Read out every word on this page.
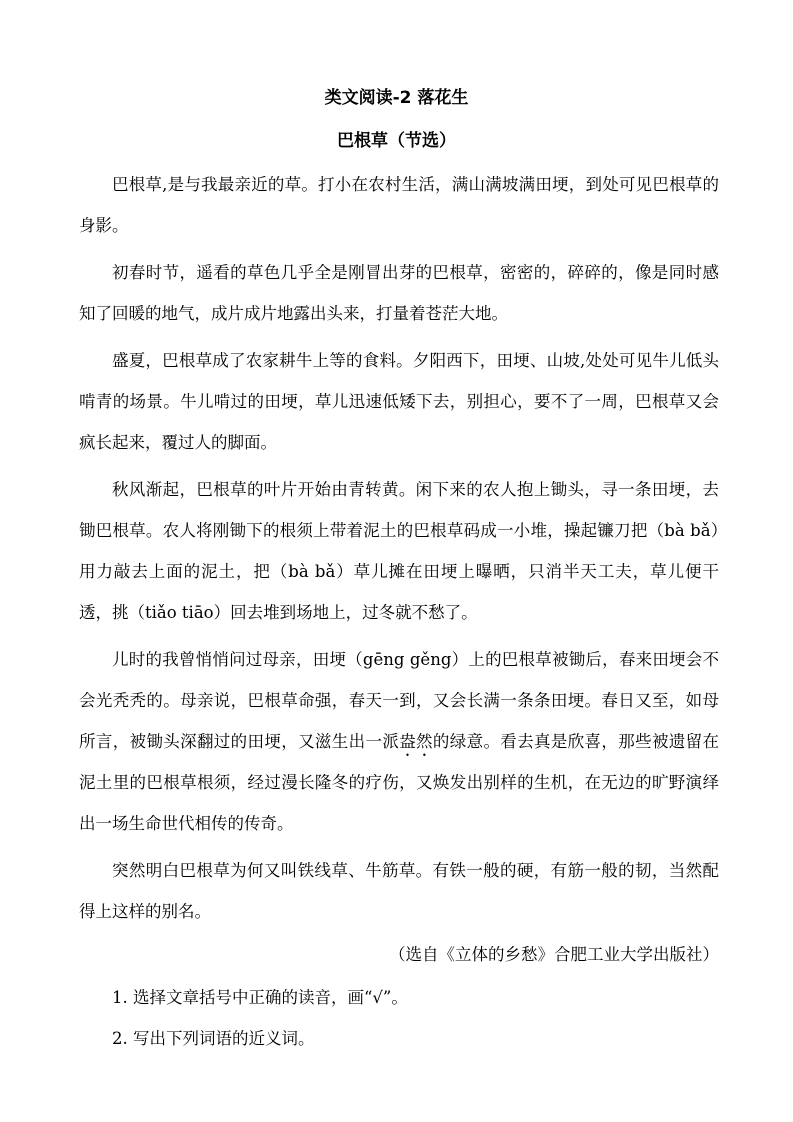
类文阅读-2 落花生
巴根草（节选）

巴根草,是与我最亲近的草。打小在农村生活，满山满坡满田埂，到处可见巴根草的身影。

初春时节，遥看的草色几乎全是刚冒出芽的巴根草，密密的，碎碎的，像是同时感知了回暖的地气，成片成片地露出头来，打量着苍茫大地。

盛夏，巴根草成了农家耕牛上等的食料。夕阳西下，田埂、山坡,处处可见牛儿低头啃青的场景。牛儿啃过的田埂，草儿迅速低矮下去，别担心，要不了一周，巴根草又会疯长起来，覆过人的脚面。

秋风渐起，巴根草的叶片开始由青转黄。闲下来的农人抱上锄头，寻一条田埂，去锄巴根草。农人将刚锄下的根须上带着泥土的巴根草码成一小堆，操起镰刀把（bà bǎ）用力敲去上面的泥土，把（bà bǎ）草儿摊在田埂上曝晒，只消半天工夫，草儿便干透，挑（tiǎo tiāo）回去堆到场地上，过冬就不愁了。

儿时的我曾悄悄问过母亲，田埂（gēng gěng）上的巴根草被锄后，春来田埂会不会光秃秃的。母亲说，巴根草命强，春天一到，又会长满一条条田埂。春日又至，如母所言，被锄头深翻过的田埂，又滋生出一派盎然的绿意。看去真是欣喜，那些被遗留在泥土里的巴根草根须，经过漫长隆冬的疗伤，又焕发出别样的生机，在无边的旷野演绎出一场生命世代相传的传奇。

突然明白巴根草为何又叫铁线草、牛筋草。有铁一般的硬，有筋一般的韧，当然配得上这样的别名。

（选自《立体的乡愁》合肥工业大学出版社）

1. 选择文章括号中正确的读音，画“√”。

2. 写出下列词语的近义词。
